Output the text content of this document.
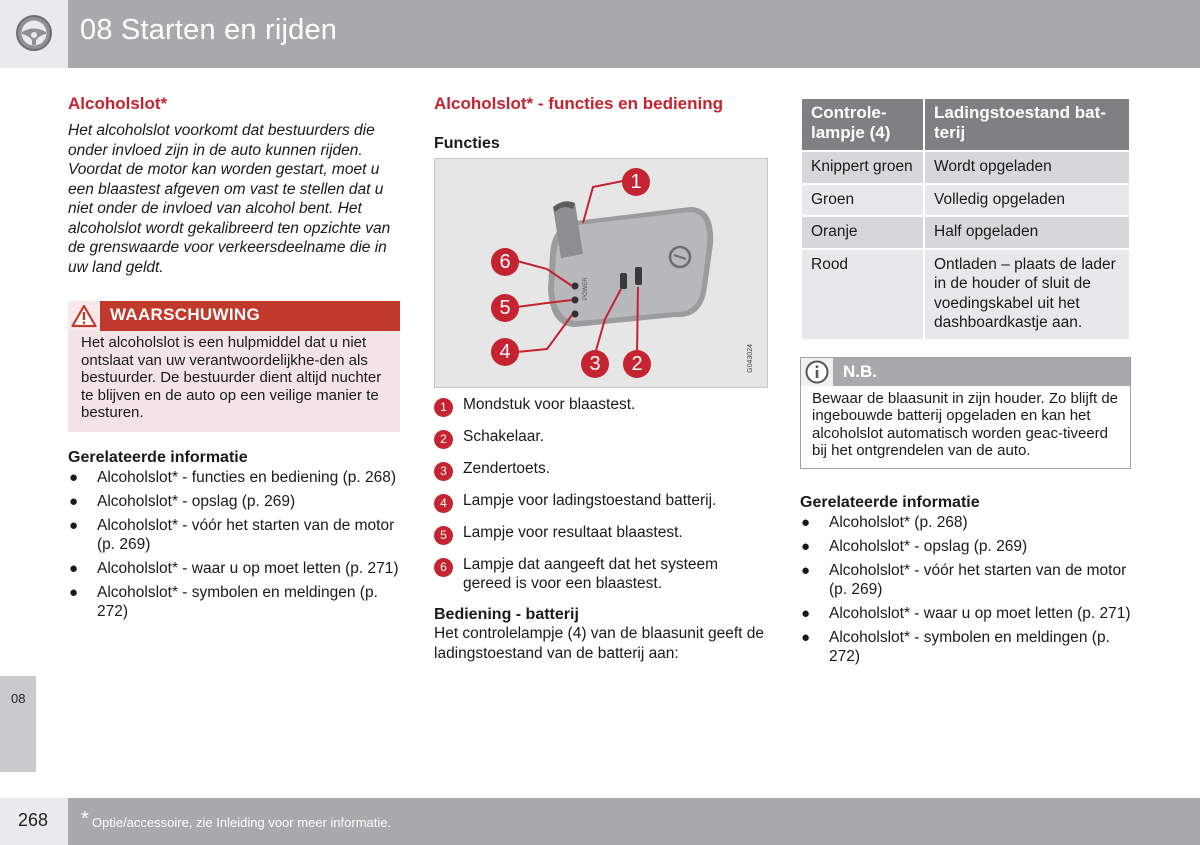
08 Starten en rijden
08
Alcoholslot*
Het alcoholslot voorkomt dat bestuurders die onder invloed zijn in de auto kunnen rijden. Voordat de motor kan worden gestart, moet u een blaastest afgeven om vast te stellen dat u niet onder de invloed van alcohol bent. Het alcoholslot wordt gekalibreerd ten opzichte van de grenswaarde voor verkeersdeelname die in uw land geldt.
WAARSCHUWING
Het alcoholslot is een hulpmiddel dat u niet ontslaat van uw verantwoordelijkhe-den als bestuurder. De bestuurder dient altijd nuchter te blijven en de auto op een veilige manier te besturen.
Gerelateerde informatie
● Alcoholslot* - functies en bediening (p. 268)
● Alcoholslot* - opslag (p. 269)
● Alcoholslot* - vóór het starten van de motor (p. 269)
● Alcoholslot* - waar u op moet letten (p. 271)
● Alcoholslot* - symbolen en meldingen (p. 272)
Alcoholslot* - functies en bediening
Functies
POWER
1
6
5
4
3	2	G043024
1	Mondstuk voor blaastest.
2	Schakelaar.
3	Zendertoets.
4	Lampje voor ladingstoestand batterij.
5	Lampje voor resultaat blaastest.
6	Lampje dat aangeeft dat het systeem gereed is voor een blaastest.
Bediening - batterij
Het controlelampje (4) van de blaasunit geeft de ladingstoestand van de batterij aan:
Controle-lampje (4)	Ladingstoestand bat-terij
Knippert groen	Wordt opgeladen
Groen	Volledig opgeladen
Oranje	Half opgeladen
Rood	Ontladen – plaats de lader in de houder of sluit de voedingskabel uit het dashboardkastje aan.
N.B.
Bewaar de blaasunit in zijn houder. Zo blijft de ingebouwde batterij opgeladen en kan het alcoholslot automatisch worden geac-tiveerd bij het ontgrendelen van de auto.
Gerelateerde informatie
● Alcoholslot* (p. 268)
● Alcoholslot* - opslag (p. 269)
● Alcoholslot* - vóór het starten van de motor (p. 269)
● Alcoholslot* - waar u op moet letten (p. 271)
● Alcoholslot* - symbolen en meldingen (p. 272)
268 * Optie/accessoire, zie Inleiding voor meer informatie.
